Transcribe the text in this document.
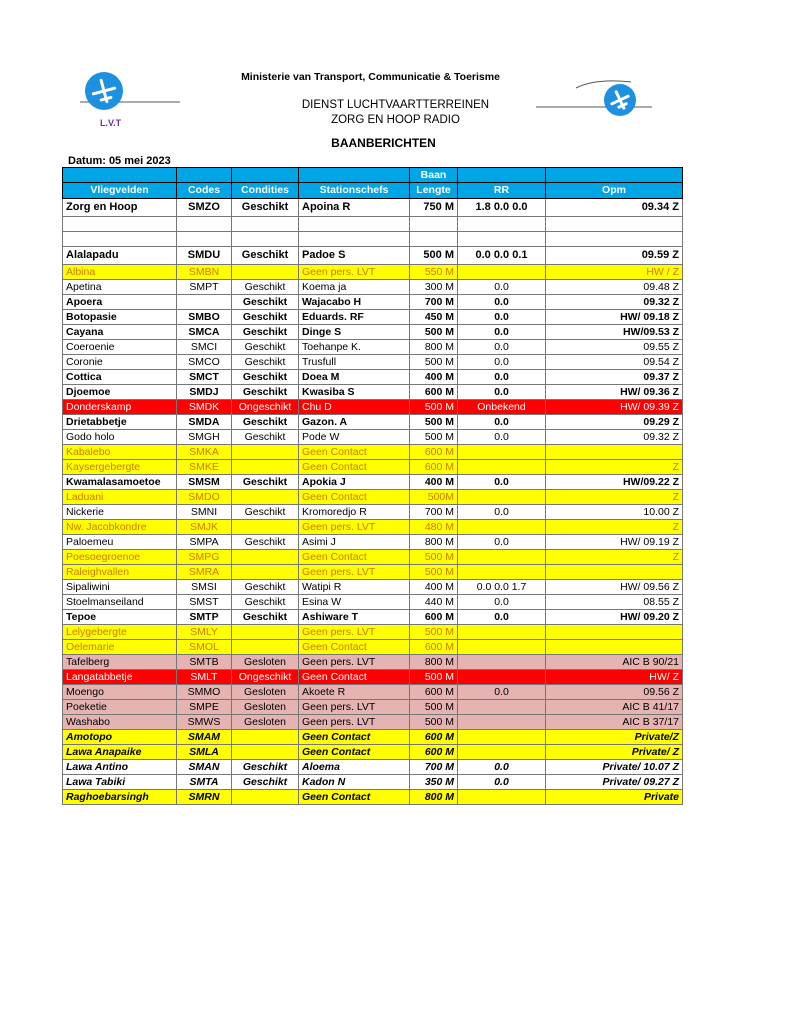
L.V.T
Ministerie van Transport, Communicatie & Toerisme
DIENST LUCHTVAARTTERREINEN
ZORG EN HOOP RADIO
BAANBERICHTEN
Datum: 05 mei 2023
				Baan		
Vliegvelden	Codes	Condities	Stationschefs	Lengte	RR	Opm
Zorg en Hoop	SMZO	Geschikt	Apoina R	750 M	1.8 0.0 0.0	09.34 Z

Alalapadu	SMDU	Geschikt	Padoe S	500 M	0.0 0.0 0.1	09.59 Z
Albina	SMBN		Geen pers. LVT	550 M		HW / Z
Apetina	SMPT	Geschikt	Koema ja	300 M	0.0	09.48 Z
Apoera		Geschikt	Wajacabo H	700 M	0.0	09.32 Z
Botopasie	SMBO	Geschikt	Eduards. RF	450 M	0.0	HW/ 09.18 Z
Cayana	SMCA	Geschikt	Dinge S	500 M	0.0	HW/09.53 Z
Coeroenie	SMCI	Geschikt	Toehanpe K.	800 M	0.0	09.55 Z
Coronie	SMCO	Geschikt	Trusfull	500 M	0.0	09.54 Z
Cottica	SMCT	Geschikt	Doea M	400 M	0.0	09.37 Z
Djoemoe	SMDJ	Geschikt	Kwasiba S	600 M	0.0	HW/ 09.36 Z
Donderskamp	SMDK	Ongeschikt	Chu D	500 M	Onbekend	HW/ 09.39 Z
Drietabbetje	SMDA	Geschikt	Gazon. A	500 M	0.0	09.29 Z
Godo holo	SMGH	Geschikt	Pode W	500 M	0.0	09.32 Z
Kabalebo	SMKA		Geen Contact	600 M		
Kaysergebergte	SMKE		Geen Contact	600 M		Z
Kwamalasamoetoe	SMSM	Geschikt	Apokia J	400 M	0.0	HW/09.22 Z
Laduani	SMDO		Geen Contact	500M		Z
Nickerie	SMNI	Geschikt	Kromoredjo R	700 M	0.0	10.00 Z
Nw. Jacobkondre	SMJK		Geen pers. LVT	480 M		Z
Paloemeu	SMPA	Geschikt	Asimi J	800 M	0.0	HW/ 09.19 Z
Poesoegroenoe	SMPG		Geen Contact	500 M		Z
Raleighvallen	SMRA		Geen pers. LVT	500 M		
Sipaliwini	SMSI	Geschikt	Watipi R	400 M	0.0 0.0 1.7	HW/ 09.56 Z
Stoelmanseiland	SMST	Geschikt	Esina W	440 M	0.0	08.55 Z
Tepoe	SMTP	Geschikt	Ashiware T	600 M	0.0	HW/ 09.20 Z
Lelygebergte	SMLY		Geen pers. LVT	500 M		
Oelemarie	SMOL		Geen Contact	600 M		
Tafelberg	SMTB	Gesloten	Geen pers. LVT	800 M		AIC B 90/21
Langatabbetje	SMLT	Ongeschikt	Geen Contact	500 M		HW/ Z
Moengo	SMMO	Gesloten	Akoete R	600 M	0.0	09.56 Z
Poeketie	SMPE	Gesloten	Geen pers. LVT	500 M		AIC B 41/17
Washabo	SMWS	Gesloten	Geen pers. LVT	500 M		AIC B 37/17
Amotopo	SMAM		Geen Contact	600 M		Private/Z
Lawa Anapaike	SMLA		Geen Contact	600 M		Private/ Z
Lawa Antino	SMAN	Geschikt	Aloema	700 M	0.0	Private/ 10.07 Z
Lawa Tabiki	SMTA	Geschikt	Kadon N	350 M	0.0	Private/ 09.27 Z
Raghoebarsingh	SMRN		Geen Contact	800 M		Private
